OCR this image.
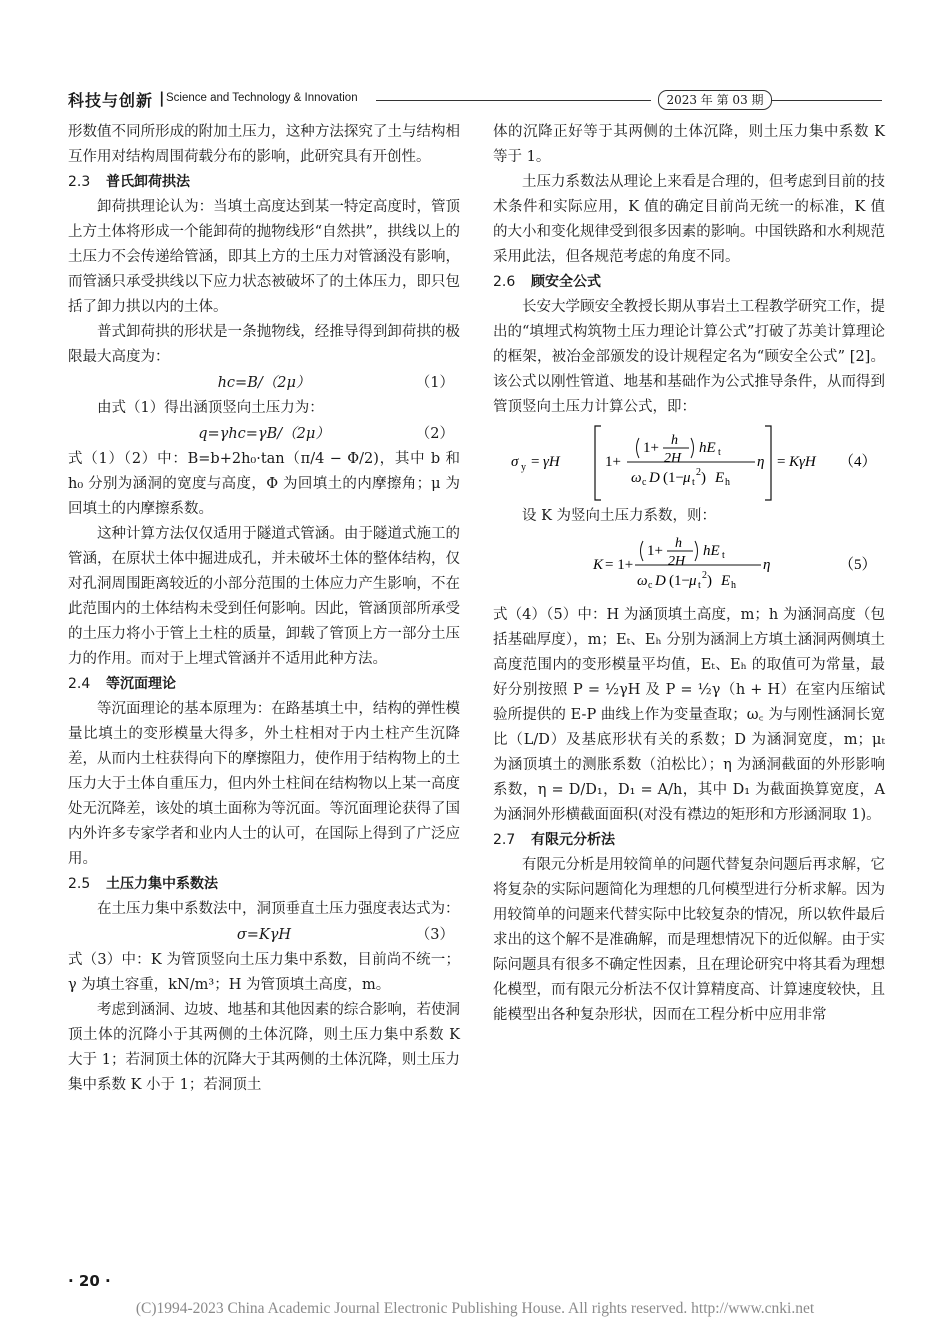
科技与创新 | Science and Technology & Innovation	2023 年 第 03 期

形数值不同所形成的附加土压力，这种方法探究了土与结构相互作用对结构周围荷载分布的影响，此研究具有开创性。

2.3 普氏卸荷拱法

卸荷拱理论认为：当填土高度达到某一特定高度时，管顶上方土体将形成一个能卸荷的抛物线形“自然拱”，拱线以上的土压力不会传递给管涵，即其上方的土压力对管涵没有影响，而管涵只承受拱线以下应力状态被破坏了的土体压力，即只包括了卸力拱以内的土体。

普式卸荷拱的形状是一条抛物线，经推导得到卸荷拱的极限最大高度为：

hc=B/（2μ）	（1）

由式（1）得出涵顶竖向土压力为：

q=γhc=γB/（2μ）	（2）

式（1）（2）中：B=b+2h₀·tan（π/4 − Φ/2)，其中 b 和 h₀ 分别为涵洞的宽度与高度，Φ 为回填土的内摩擦角；μ 为回填土的内摩擦系数。

这种计算方法仅仅适用于隧道式管涵。由于隧道式施工的管涵，在原状土体中掘进成孔，并未破坏土体的整体结构，仅对孔洞周围距离较近的小部分范围的土体应力产生影响，不在此范围内的土体结构未受到任何影响。因此，管涵顶部所承受的土压力将小于管上土柱的质量，卸载了管顶上方一部分土压力的作用。而对于上埋式管涵并不适用此种方法。

2.4 等沉面理论

等沉面理论的基本原理为：在路基填土中，结构的弹性模量比填土的变形模量大得多，外土柱相对于内土柱产生沉降差，从而内土柱获得向下的摩擦阻力，使作用于结构物上的土压力大于土体自重压力，但内外土柱间在结构物以上某一高度处无沉降差，该处的填土面称为等沉面。等沉面理论获得了国内外许多专家学者和业内人士的认可，在国际上得到了广泛应用。

2.5 土压力集中系数法

在土压力集中系数法中，洞顶垂直土压力强度表达式为：

σ=KγH	（3）

式（3）中：K 为管顶竖向土压力集中系数，目前尚不统一；γ 为填土容重，kN/m³；H 为管顶填土高度，m。

考虑到涵洞、边坡、地基和其他因素的综合影响，若使洞顶土体的沉降小于其两侧的土体沉降，则土压力集中系数 K 大于 1；若洞顶土体的沉降大于其两侧的土体沉降，则土压力集中系数 K 小于 1；若洞顶土

体的沉降正好等于其两侧的土体沉降，则土压力集中系数 K 等于 1。

土压力系数法从理论上来看是合理的，但考虑到目前的技术条件和实际应用，K 值的确定目前尚无统一的标准，K 值的大小和变化规律受到很多因素的影响。中国铁路和水利规范采用此法，但各规范考虑的角度不同。

2.6 顾安全公式

长安大学顾安全教授长期从事岩土工程教学研究工作，提出的“填埋式构筑物土压力理论计算公式”打破了苏美计算理论的框架，被冶金部颁发的设计规程定名为“顾安全公式” [2]。该公式以刚性管道、地基和基础作为公式推导条件，从而得到管顶竖向土压力计算公式，即：

σ y = γH	1+
1+ h
2H
hE t
ω c D (1− μ t
2 ) E h
η = KγH （4）

设 K 为竖向土压力系数，则：

K = 1+
1+ h
2H
hE t
ω c D (1− μ t
2 ) E h
η	（5）

式（4）（5）中：H 为涵顶填土高度，m；h 为涵洞高度（包括基础厚度），m；Eₜ、Eₕ 分别为涵洞上方填土涵洞两侧填土高度范围内的变形模量平均值，Eₜ、Eₕ 的取值可为常量，最好分别按照 P = ½γH 及 P = ½γ（h + H）在室内压缩试验所提供的 E-P 曲线上作为变量查取；ω꜀ 为与刚性涵洞长宽比（L/D）及基底形状有关的系数；D 为涵洞宽度，m；μₜ 为涵顶填土的测胀系数（泊松比）；η 为涵洞截面的外形影响系数，η = D/D₁，D₁ = A/h，其中 D₁ 为截面换算宽度，A 为涵洞外形横截面面积(对没有襟边的矩形和方形涵洞取 1)。

2.7 有限元分析法

有限元分析是用较简单的问题代替复杂问题后再求解，它将复杂的实际问题简化为理想的几何模型进行分析求解。因为用较简单的问题来代替实际中比较复杂的情况，所以软件最后求出的这个解不是准确解，而是理想情况下的近似解。由于实际问题具有很多不确定性因素，且在理论研究中将其看为理想化模型，而有限元分析法不仅计算精度高、计算速度较快，且能模型出各种复杂形状，因而在工程分析中应用非常

· 20 ·
(C)1994-2023 China Academic Journal Electronic Publishing House. All rights reserved. http://www.cnki.net
